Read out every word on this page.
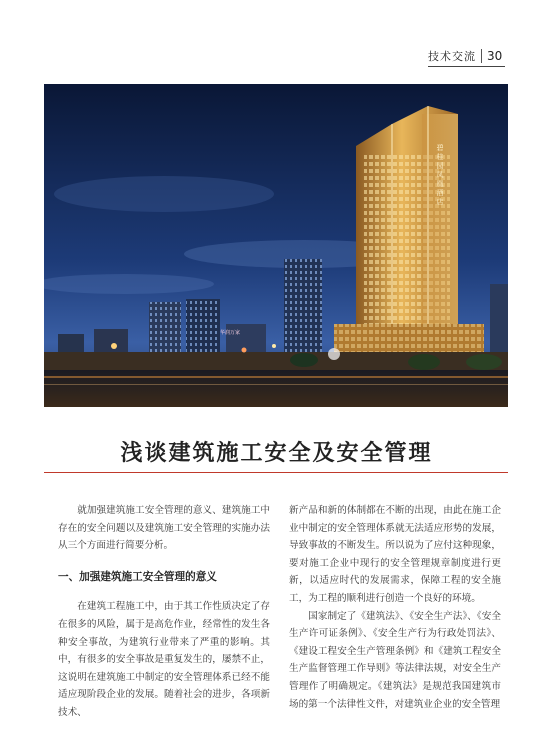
技术交流 30
碧桂园凤凰酒店
华润万家
浅谈建筑施工安全及安全管理

就加强建筑施工安全管理的意义、建筑施工中存在的安全问题以及建筑施工安全管理的实施办法从三个方面进行简要分析。

一、加强建筑施工安全管理的意义

在建筑工程施工中，由于其工作性质决定了存在很多的风险，属于是高危作业，经常性的发生各种安全事故，为建筑行业带来了严重的影响。其中，有很多的安全事故是重复发生的，屡禁不止，这说明在建筑施工中制定的安全管理体系已经不能适应现阶段企业的发展。随着社会的进步，各项新技术、

新产品和新的体制都在不断的出现，由此在施工企业中制定的安全管理体系就无法适应形势的发展，导致事故的不断发生。所以说为了应付这种现象，要对施工企业中现行的安全管理规章制度进行更新，以适应时代的发展需求，保障工程的安全施工，为工程的顺利进行创造一个良好的环境。

国家制定了《建筑法》、《安全生产法》、《安全生产许可证条例》、《安全生产行为行政处罚法》、《建设工程安全生产管理条例》和《建筑工程安全生产监督管理工作导则》等法律法规，对安全生产管理作了明确规定。《建筑法》是规范我国建筑市场的第一个法律性文件，对建筑业企业的安全管理
